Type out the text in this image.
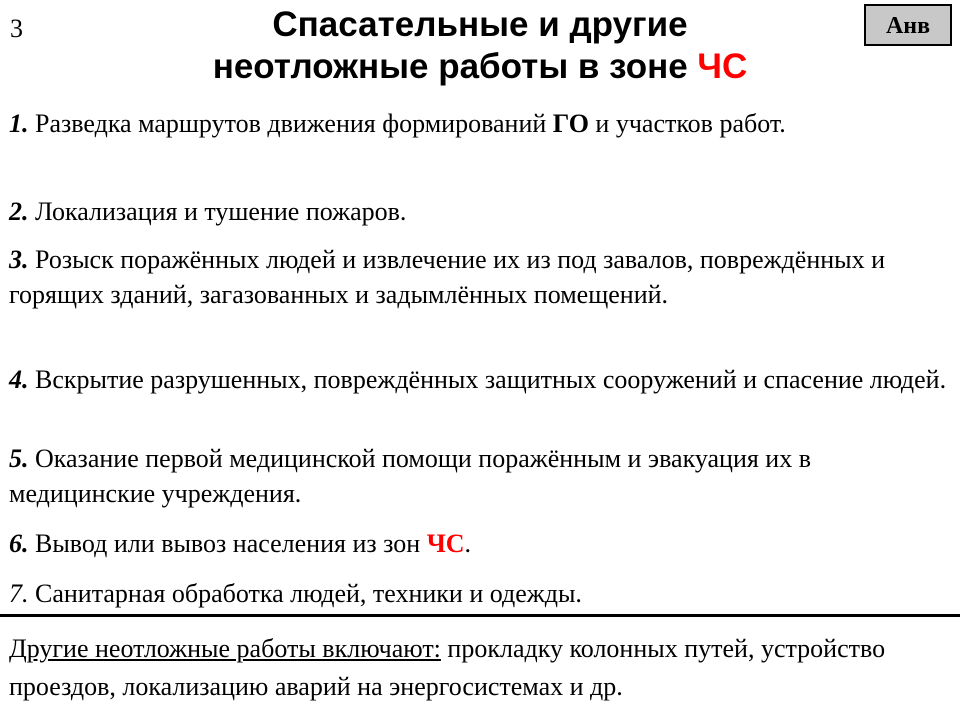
3	Анв
Спасательные и другие
неотложные работы в зоне ЧС

1. Разведка маршрутов движения формирований ГО и участков работ.

2. Локализация и тушение пожаров.

3. Розыск поражённых людей и извлечение их из под завалов, повреждённых и горящих зданий, загазованных и задымлённых помещений.

4. Вскрытие разрушенных, повреждённых защитных сооружений и спасение людей.

5. Оказание первой медицинской помощи поражённым и эвакуация их в медицинские учреждения.

6. Вывод или вывоз населения из зон ЧС.

7. Санитарная обработка людей, техники и одежды.

Другие неотложные работы включают: прокладку колонных путей, устройство проездов, локализацию аварий на энергосистемах и др.
